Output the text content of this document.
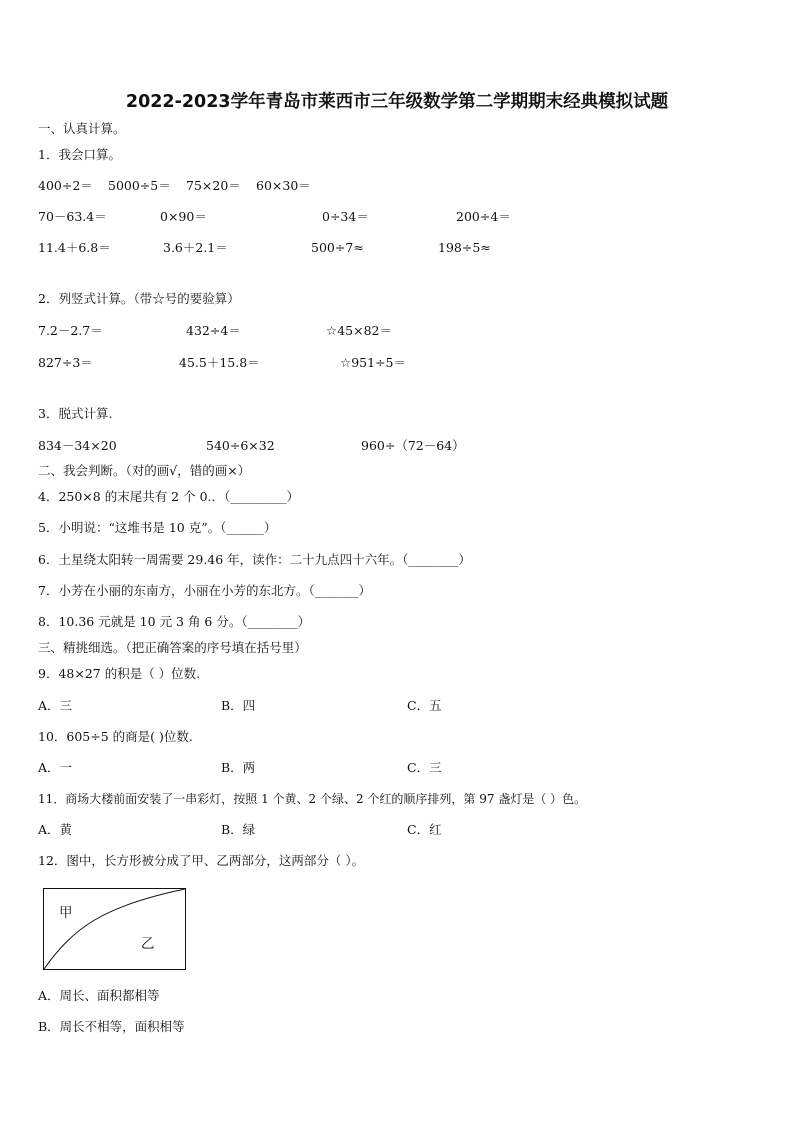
2022-2023学年青岛市莱西市三年级数学第二学期期末经典模拟试题
一、认真计算。
1．我会口算。
400÷2＝ 5000÷5＝ 75×20＝ 60×30＝
70－63.4＝	0×90＝	0÷34＝	200÷4＝
11.4＋6.8＝	3.6＋2.1＝	500÷7≈	198÷5≈
2．列竖式计算。（带☆号的要验算）
7.2－2.7＝	432÷4＝	☆45×82＝
827÷3＝	45.5＋15.8＝	☆951÷5＝
3．脱式计算.
834－34×20	540÷6×32	960÷（72－64）
二、我会判断。（对的画√，错的画×）
4．250×8 的末尾共有 2 个 0.．（_________）
5．小明说：“这堆书是 10 克”。（______）
6．土星绕太阳转一周需要 29.46 年，读作：二十九点四十六年。（________）
7．小芳在小丽的东南方，小丽在小芳的东北方。（_______）
8．10.36 元就是 10 元 3 角 6 分。（________）
三、精挑细选。（把正确答案的序号填在括号里）
9．48×27 的积是（ ）位数.
A．三	B．四	C．五
10．605÷5 的商是( )位数.
A．一	B．两	C．三
11．商场大楼前面安装了一串彩灯，按照 1 个黄、2 个绿、2 个红的顺序排列，第 97 盏灯是（ ）色。
A．黄	B．绿	C．红
12．图中，长方形被分成了甲、乙两部分，这两部分（ ）。
甲
乙
A．周长、面积都相等
B．周长不相等，面积相等
